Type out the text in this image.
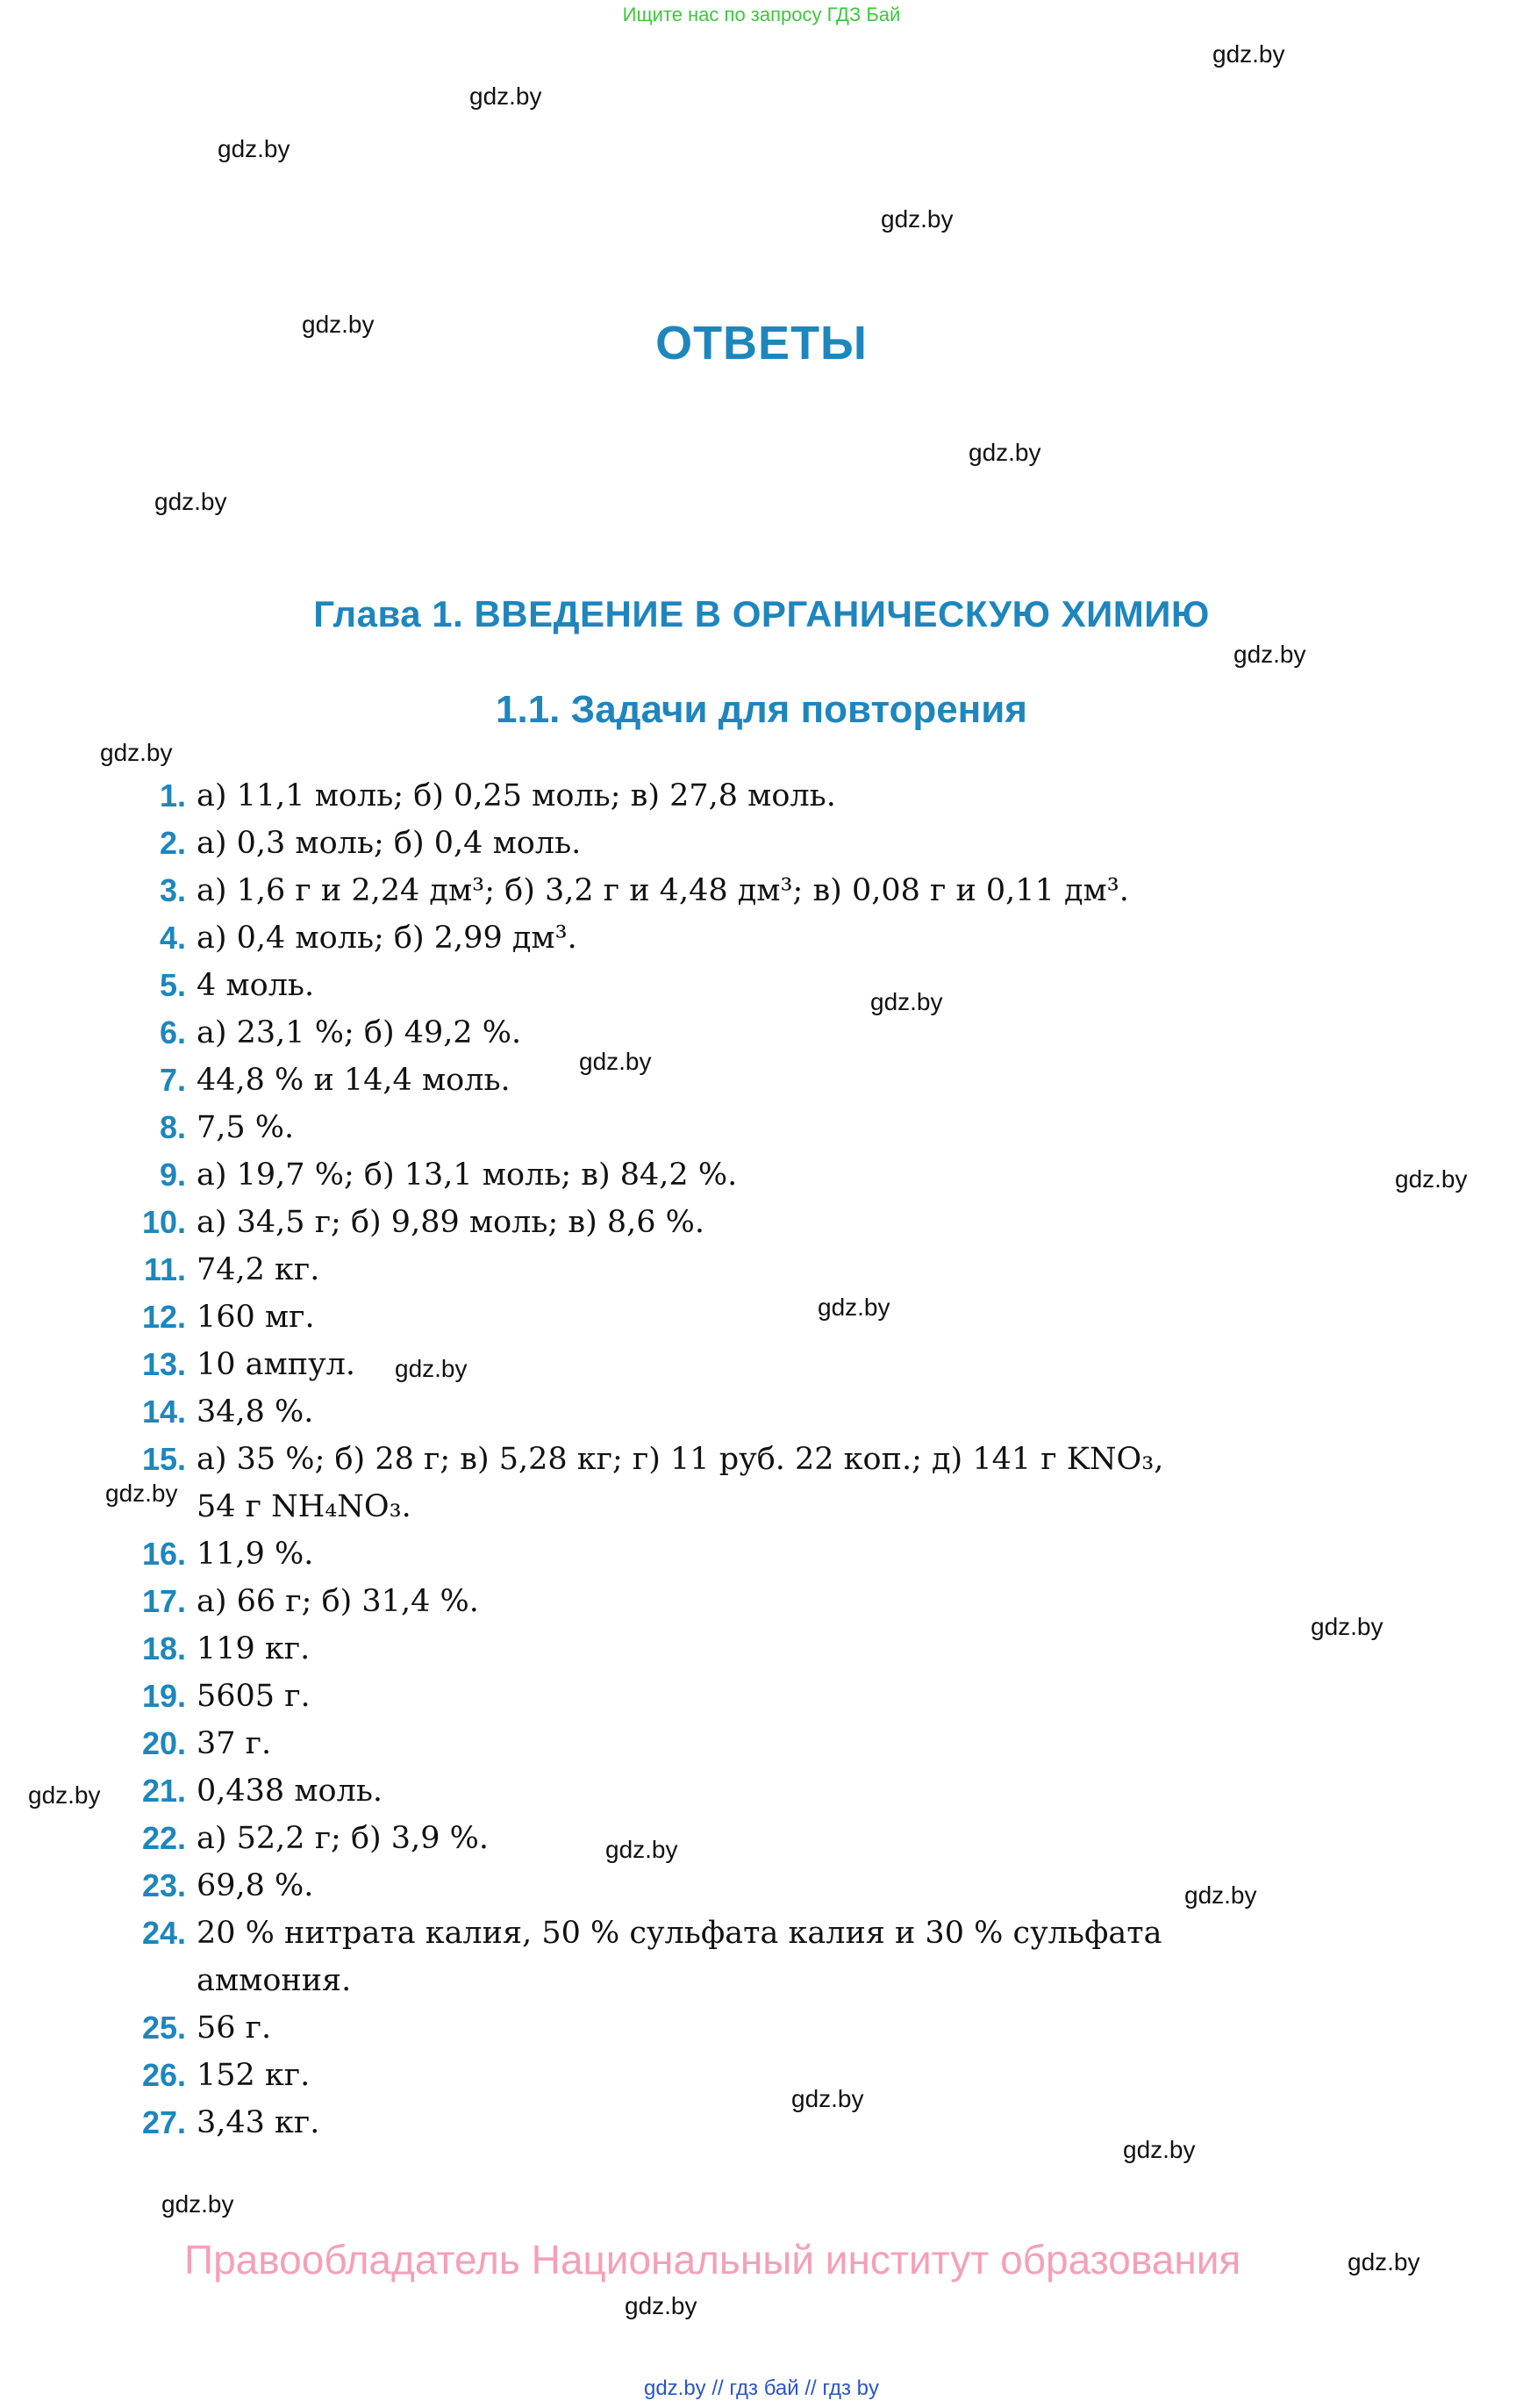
Ищите нас по запросу ГДЗ Бай
ОТВЕТЫ
Глава 1. ВВЕДЕНИЕ В ОРГАНИЧЕСКУЮ ХИМИЮ
1.1. Задачи для повторения
1. а) 11,1 моль; б) 0,25 моль; в) 27,8 моль.
2. а) 0,3 моль; б) 0,4 моль.
3. а) 1,6 г и 2,24 дм³; б) 3,2 г и 4,48 дм³; в) 0,08 г и 0,11 дм³.
4. а) 0,4 моль; б) 2,99 дм³.
5. 4 моль.
6. а) 23,1 %; б) 49,2 %.
7. 44,8 % и 14,4 моль.
8. 7,5 %.
9. а) 19,7 %; б) 13,1 моль; в) 84,2 %.
10. а) 34,5 г; б) 9,89 моль; в) 8,6 %.
11. 74,2 кг.
12. 160 мг.
13. 10 ампул.
14. 34,8 %.
15. а) 35 %; б) 28 г; в) 5,28 кг; г) 11 руб. 22 коп.; д) 141 г KNO₃,
54 г NH₄NO₃.
16. 11,9 %.
17. а) 66 г; б) 31,4 %.
18. 119 кг.
19. 5605 г.
20. 37 г.
21. 0,438 моль.
22. а) 52,2 г; б) 3,9 %.
23. 69,8 %.
24. 20 % нитрата калия, 50 % сульфата калия и 30 % сульфата
аммония.
25. 56 г.
26. 152 кг.
27. 3,43 кг.
gdz.by
gdz.by
gdz.by
gdz.by
gdz.by
gdz.by
gdz.by
gdz.by
gdz.by
gdz.by
gdz.by
gdz.by
gdz.by
gdz.by
gdz.by
gdz.by
gdz.by
gdz.by
gdz.by
gdz.by
gdz.by
gdz.by
gdz.by
gdz.by
Правообладатель Национальный институт образования
gdz.by // гдз бай // гдз by
